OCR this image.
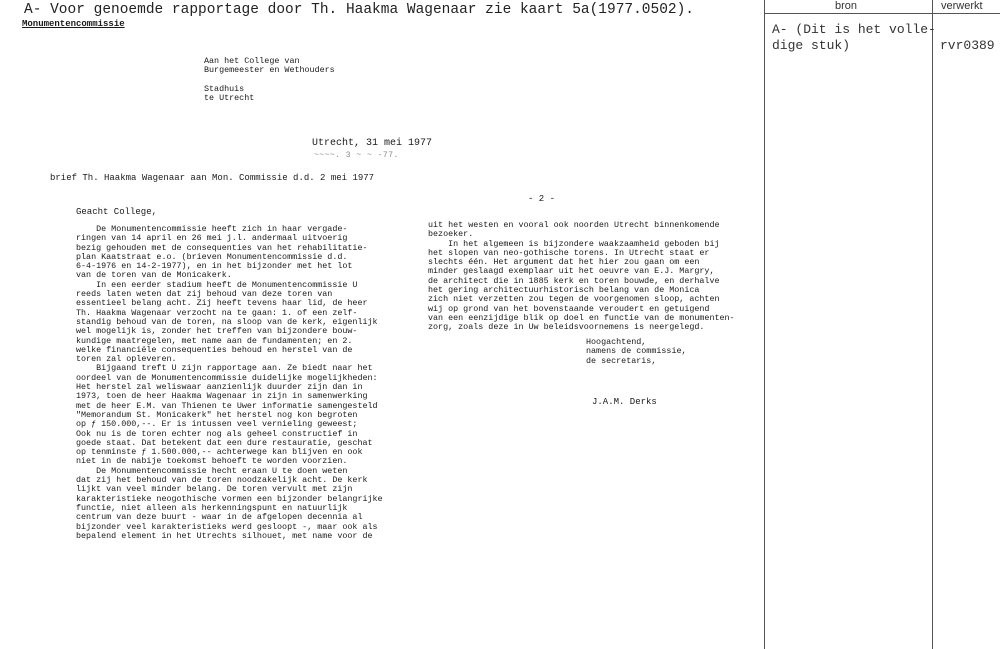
A- Voor genoemde rapportage door Th. Haakma Wagenaar zie kaart 5a(1977.0502).
Monumentencommissie
Aan het College van
Burgemeester en Wethouders

Stadhuis
te Utrecht
Utrecht, 31 mei 1977
~~~~. 3 ~ ~ -77.
brief Th. Haakma Wagenaar aan Mon. Commissie d.d. 2 mei 1977
- 2 -
Geacht College,
De Monumentencommissie heeft zich in haar vergade-
ringen van 14 april en 26 mei j.l. andermaal uitvoerig
bezig gehouden met de consequenties van het rehabilitatie-
plan Kaatstraat e.o. (brieven Monumentencommissie d.d.
6-4-1976 en 14-2-1977), en in het bijzonder met het lot
van de toren van de Monicakerk.
In een eerder stadium heeft de Monumentencommissie U
reeds laten weten dat zij behoud van deze toren van
essentieel belang acht. Zij heeft tevens haar lid, de heer
Th. Haakma Wagenaar verzocht na te gaan: 1. of een zelf-
standig behoud van de toren, na sloop van de kerk, eigenlijk
wel mogelijk is, zonder het treffen van bijzondere bouw-
kundige maatregelen, met name aan de fundamenten; en 2.
welke financiële consequenties behoud en herstel van de
toren zal opleveren.
Bijgaand treft U zijn rapportage aan. Ze biedt naar het
oordeel van de Monumentencommissie duidelijke mogelijkheden:
Het herstel zal weliswaar aanzienlijk duurder zijn dan in
1973, toen de heer Haakma Wagenaar in zijn in samenwerking
met de heer E.M. van Thienen te Uwer informatie samengesteld
"Memorandum St. Monicakerk" het herstel nog kon begroten
op ƒ 150.000,--. Er is intussen veel vernieling geweest;
Ook nu is de toren echter nog als geheel constructief in
goede staat. Dat betekent dat een dure restauratie, geschat
op tenminste ƒ 1.500.000,-- achterwege kan blijven en ook
niet in de nabije toekomst behoeft te worden voorzien.
De Monumentencommissie hecht eraan U te doen weten
dat zij het behoud van de toren noodzakelijk acht. De kerk
lijkt van veel minder belang. De toren vervult met zijn
karakteristieke neogothische vormen een bijzonder belangrijke
functie, niet alleen als herkenningspunt en natuurlijk
centrum van deze buurt - waar in de afgelopen decennia al
bijzonder veel karakteristieks werd gesloopt -, maar ook als
bepalend element in het Utrechts silhouet, met name voor de
uit het westen en vooral ook noorden Utrecht binnenkomende
bezoeker.
In het algemeen is bijzondere waakzaamheid geboden bij
het slopen van neo-gothische torens. In Utrecht staat er
slechts één. Het argument dat het hier zou gaan om een
minder geslaagd exemplaar uit het oeuvre van E.J. Margry,
de architect die in 1885 kerk en toren bouwde, en derhalve
het gering architectuurhistorisch belang van de Monica
zich niet verzetten zou tegen de voorgenomen sloop, achten
wij op grond van het bovenstaande veroudert en getuigend
van een eenzijdige blik op doel en functie van de monumenten-
zorg, zoals deze in Uw beleidsvoornemens is neergelegd.
Hoogachtend,
namens de commissie,
de secretaris,
J.A.M. Derks
bron	verwerkt
A- (Dit is het volle-
dige stuk)	rvr0389
